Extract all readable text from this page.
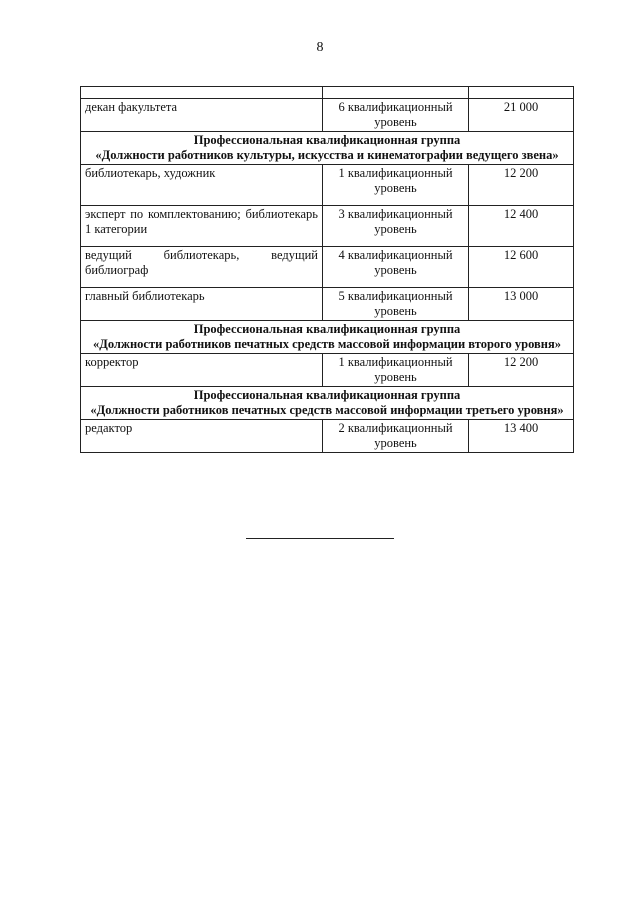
8

декан факультета	6 квалификационный уровень	21 000

Профессиональная квалификационная группа
«Должности работников культуры, искусства и кинематографии ведущего звена»		

библиотекарь, художник	1 квалификационный уровень	12 200
эксперт по комплектованию; библиотекарь 1 категории	3 квалификационный уровень	12 400
ведущий библиотекарь, ведущий библиограф	4 квалификационный уровень	12 600
главный библиотекарь	5 квалификационный уровень	13 000

Профессиональная квалификационная группа
«Должности работников печатных средств массовой информации второго уровня»		

корректор	1 квалификационный уровень	12 200

Профессиональная квалификационная группа
«Должности работников печатных средств массовой информации третьего уровня»		

редактор	2 квалификационный уровень	13 400
